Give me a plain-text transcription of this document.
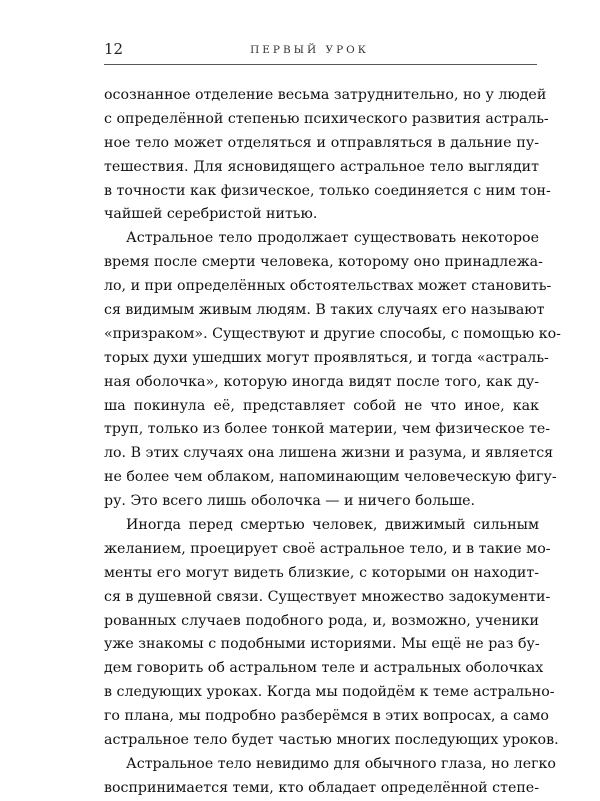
12	ПЕРВЫЙ УРОК
осознанное отделение весьма затруднительно, но у людей
с определённой степенью психического развития астраль-
ное тело может отделяться и отправляться в дальние пу-
тешествия. Для ясновидящего астральное тело выглядит
в точности как физическое, только соединяется с ним тон-
чайшей серебристой нитью.
Астральное тело продолжает существовать некоторое
время после смерти человека, которому оно принадлежа-
ло, и при определённых обстоятельствах может становить-
ся видимым живым людям. В таких случаях его называют
«призраком». Существуют и другие способы, с помощью ко-
торых духи ушедших могут проявляться, и тогда «астраль-
ная оболочка», которую иногда видят после того, как ду-
ша покинула её, представляет собой не что иное, как
труп, только из более тонкой материи, чем физическое те-
ло. В этих случаях она лишена жизни и разума, и является
не более чем облаком, напоминающим человеческую фигу-
ру. Это всего лишь оболочка — и ничего больше.
Иногда перед смертью человек, движимый сильным
желанием, проецирует своё астральное тело, и в такие мо-
менты его могут видеть близкие, с которыми он находит-
ся в душевной связи. Существует множество задокументи-
рованных случаев подобного рода, и, возможно, ученики
уже знакомы с подобными историями. Мы ещё не раз бу-
дем говорить об астральном теле и астральных оболочках
в следующих уроках. Когда мы подойдём к теме астрально-
го плана, мы подробно разберёмся в этих вопросах, а само
астральное тело будет частью многих последующих уроков.
Астральное тело невидимо для обычного глаза, но легко
воспринимается теми, кто обладает определённой степе-
